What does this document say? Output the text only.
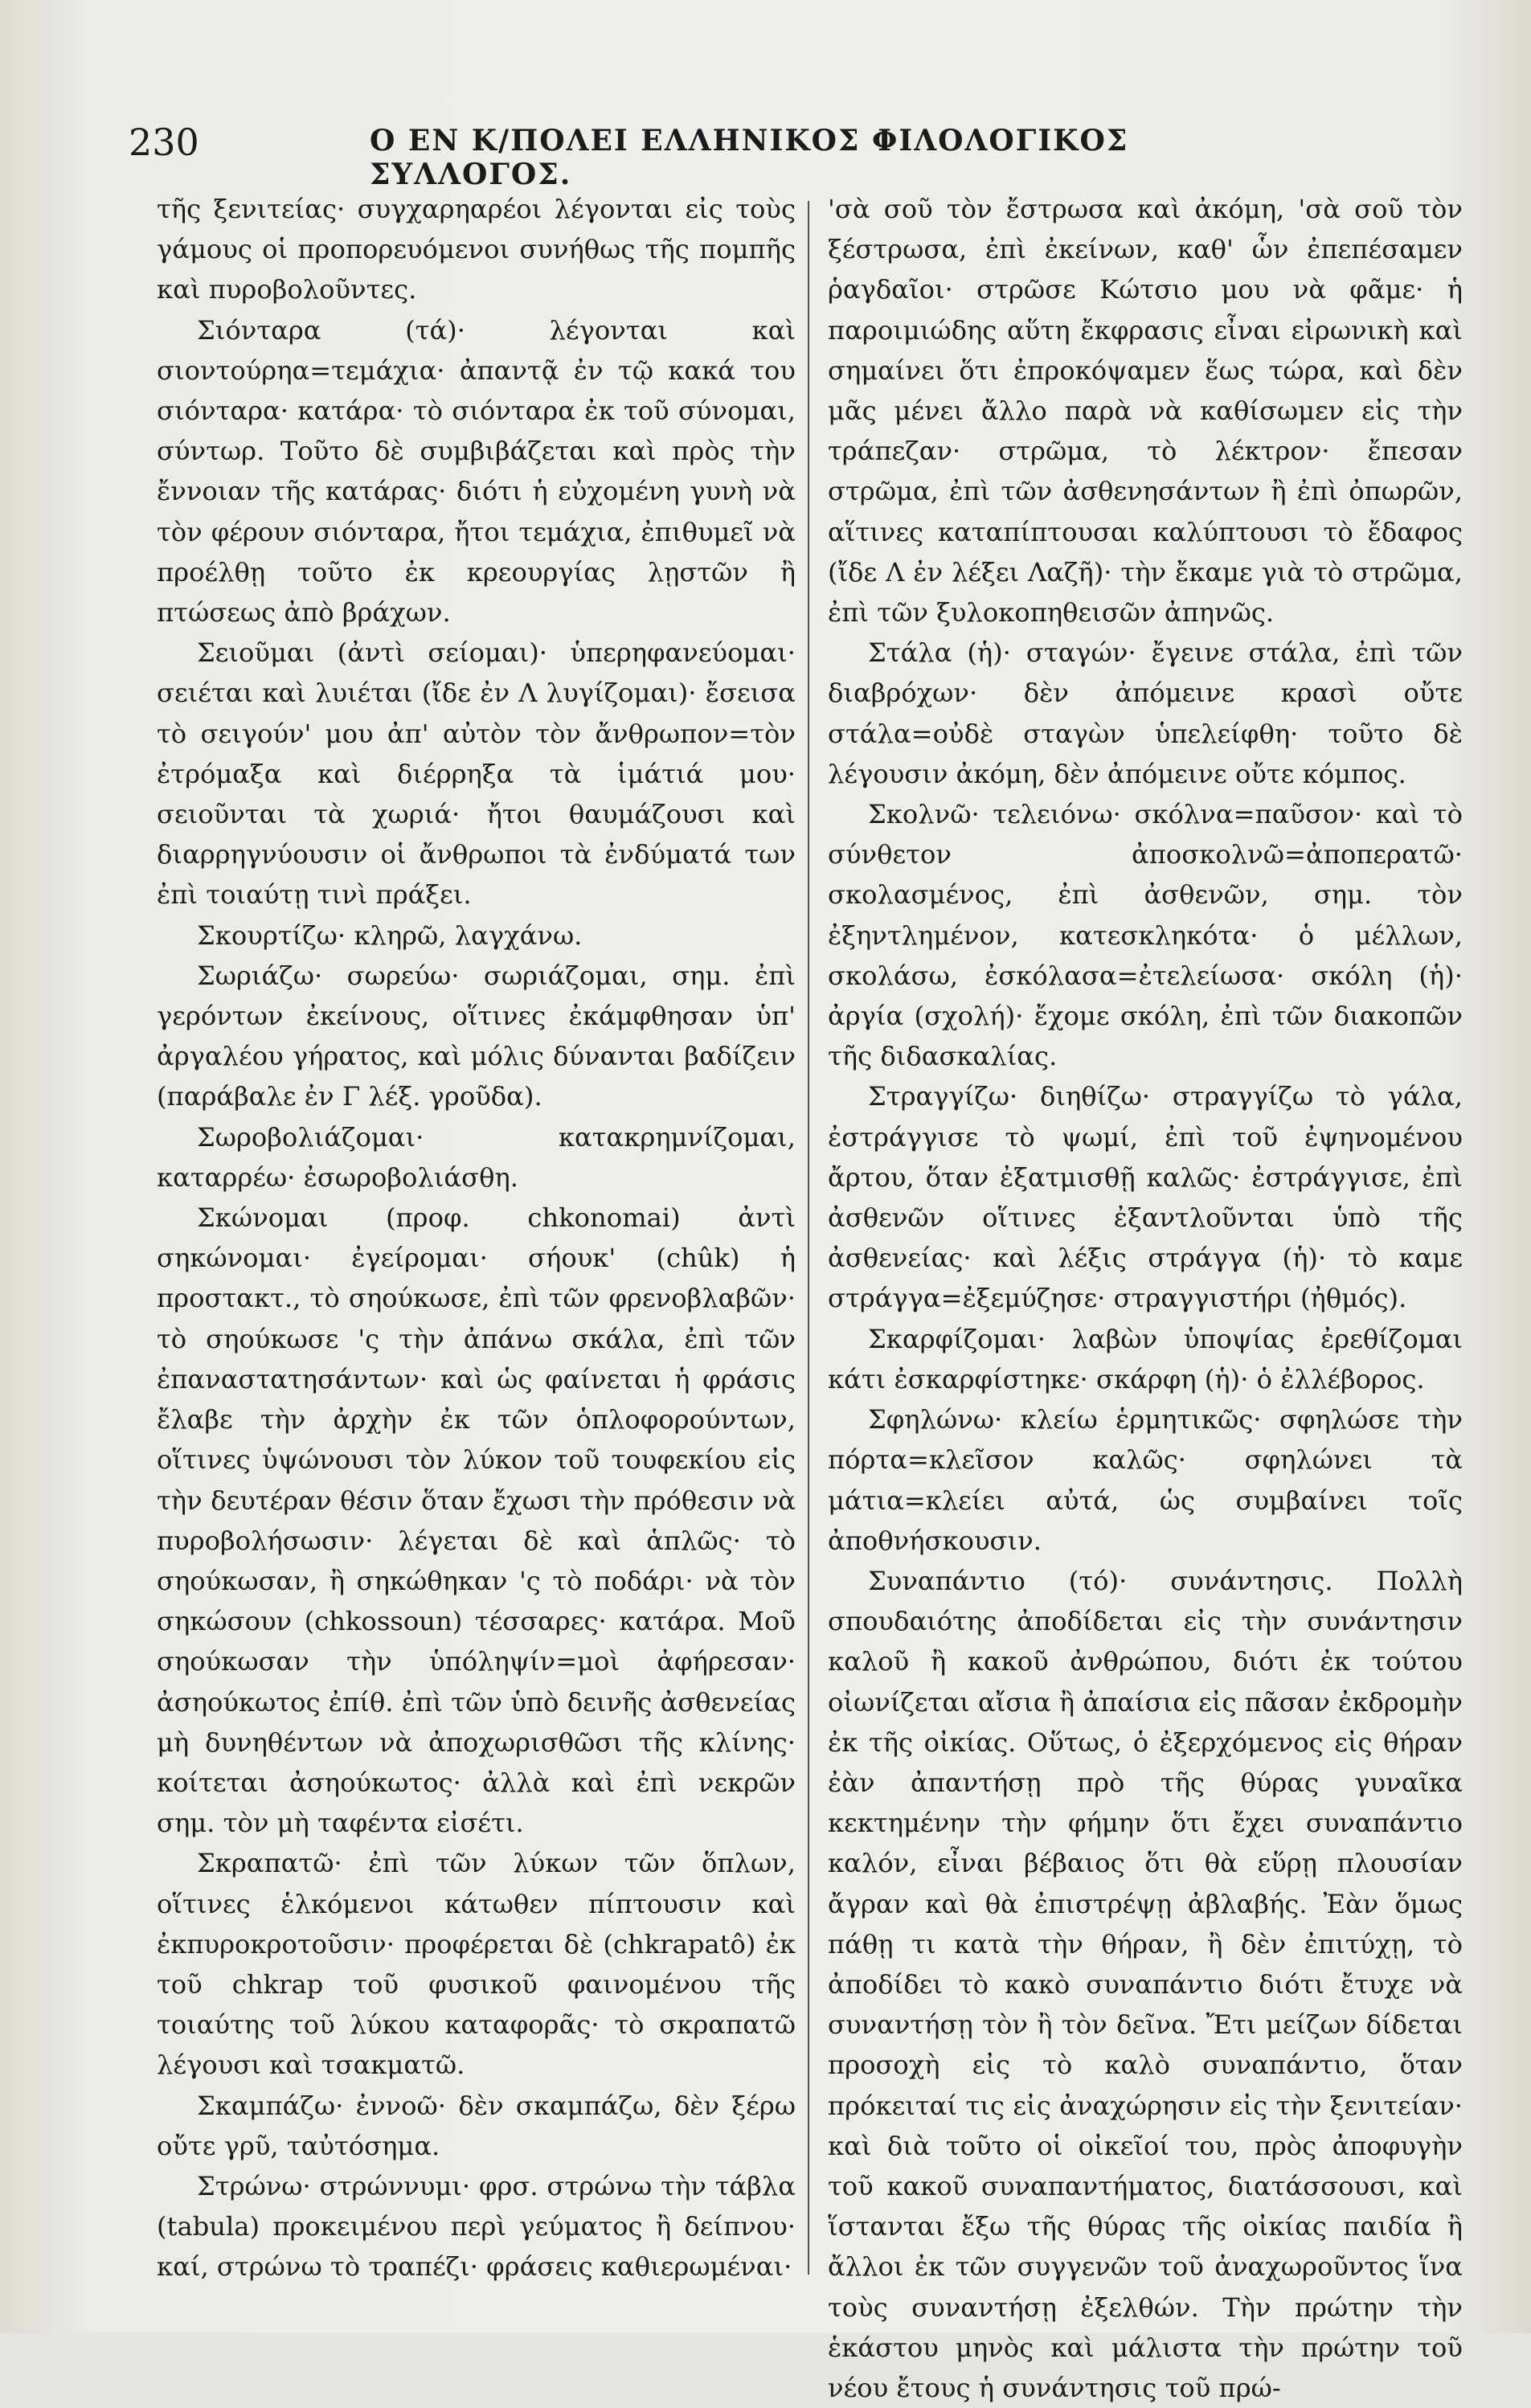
230	Ο ΕΝ Κ/ΠΟΛΕΙ ΕΛΛΗΝΙΚΟΣ ΦΙΛΟΛΟΓΙΚΟΣ ΣΥΛΛΟΓΟΣ.

τῆς ξενιτείας· συγχαρηαρέοι λέγονται εἰς τοὺς γάμους οἱ προπορευόμενοι συνήθως τῆς πομπῆς καὶ πυροβολοῦντες.

Σιόνταρα (τά)· λέγονται καὶ σιοντούρηα=τεμάχια· ἀπαντᾷ ἐν τῷ κακά του σιόνταρα· κατάρα· τὸ σιόνταρα ἐκ τοῦ σύνομαι, σύντωρ. Τοῦτο δὲ συμβιβάζεται καὶ πρὸς τὴν ἔννοιαν τῆς κατάρας· διότι ἡ εὐχομένη γυνὴ νὰ τὸν φέρουν σιόνταρα, ἤτοι τεμάχια, ἐπιθυμεῖ νὰ προέλθῃ τοῦτο ἐκ κρεουργίας λῃστῶν ἢ πτώσεως ἀπὸ βράχων.

Σειοῦμαι (ἀντὶ σείομαι)· ὑπερηφανεύομαι· σειέται καὶ λυιέται (ἴδε ἐν Λ λυγίζομαι)· ἔσεισα τὸ σειγούν' μου ἀπ' αὐτὸν τὸν ἄνθρωπον=τὸν ἐτρόμαξα καὶ διέρρηξα τὰ ἱμάτιά μου· σειοῦνται τὰ χωριά· ἤτοι θαυμάζουσι καὶ διαρρηγνύουσιν οἱ ἄνθρωποι τὰ ἐνδύματά των ἐπὶ τοιαύτῃ τινὶ πράξει.

Σκουρτίζω· κληρῶ, λαγχάνω.

Σωριάζω· σωρεύω· σωριάζομαι, σημ. ἐπὶ γερόντων ἐκείνους, οἵτινες ἐκάμφθησαν ὑπ' ἀργαλέου γήρατος, καὶ μόλις δύνανται βαδίζειν (παράβαλε ἐν Γ λέξ. γροῦδα).

Σωροβολιάζομαι· κατακρημνίζομαι, καταρρέω· ἐσωροβολιάσθη.

Σκώνομαι (προφ. chkonomai) ἀντὶ σηκώνομαι· ἐγείρομαι· σήουκ' (chûk) ἡ προστακτ., τὸ σηούκωσε, ἐπὶ τῶν φρενοβλαβῶν· τὸ σηούκωσε 'ς τὴν ἀπάνω σκάλα, ἐπὶ τῶν ἐπαναστατησάντων· καὶ ὡς φαίνεται ἡ φράσις ἔλαβε τὴν ἀρχὴν ἐκ τῶν ὁπλοφορούντων, οἵτινες ὑψώνουσι τὸν λύκον τοῦ τουφεκίου εἰς τὴν δευτέραν θέσιν ὅταν ἔχωσι τὴν πρόθεσιν νὰ πυροβολήσωσιν· λέγεται δὲ καὶ ἁπλῶς· τὸ σηούκωσαν, ἢ σηκώθηκαν 'ς τὸ ποδάρι· νὰ τὸν σηκώσουν (chkossoun) τέσσαρες· κατάρα. Μοῦ σηούκωσαν τὴν ὑπόληψίν=μοὶ ἀφήρεσαν· ἀσηούκωτος ἐπίθ. ἐπὶ τῶν ὑπὸ δεινῆς ἀσθενείας μὴ δυνηθέντων νὰ ἀποχωρισθῶσι τῆς κλίνης· κοίτεται ἀσηούκωτος· ἀλλὰ καὶ ἐπὶ νεκρῶν σημ. τὸν μὴ ταφέντα εἰσέτι.

Σκραπατῶ· ἐπὶ τῶν λύκων τῶν ὅπλων, οἵτινες ἑλκόμενοι κάτωθεν πίπτουσιν καὶ ἐκπυροκροτοῦσιν· προφέρεται δὲ (chkrapatô) ἐκ τοῦ chkrap τοῦ φυσικοῦ φαινομένου τῆς τοιαύτης τοῦ λύκου καταφορᾶς· τὸ σκραπατῶ λέγουσι καὶ τσακματῶ.

Σκαμπάζω· ἐννοῶ· δὲν σκαμπάζω, δὲν ξέρω οὔτε γρῦ, ταὐτόσημα.

Στρώνω· στρώννυμι· φρσ. στρώνω τὴν τάβλα (tabula) προκειμένου περὶ γεύματος ἢ δείπνου· καί, στρώνω τὸ τραπέζι· φράσεις καθιερωμέναι·

'σὰ σοῦ τὸν ἔστρωσα καὶ ἀκόμη, 'σὰ σοῦ τὸν ξέστρωσα, ἐπὶ ἐκείνων, καθ' ὧν ἐπεπέσαμεν ῥαγδαῖοι· στρῶσε Κώτσιο μου νὰ φᾶμε· ἡ παροιμιώδης αὕτη ἔκφρασις εἶναι εἰρωνικὴ καὶ σημαίνει ὅτι ἐπροκόψαμεν ἕως τώρα, καὶ δὲν μᾶς μένει ἄλλο παρὰ νὰ καθίσωμεν εἰς τὴν τράπεζαν· στρῶμα, τὸ λέκτρον· ἔπεσαν στρῶμα, ἐπὶ τῶν ἀσθενησάντων ἢ ἐπὶ ὀπωρῶν, αἵτινες καταπίπτουσαι καλύπτουσι τὸ ἔδαφος (ἴδε Λ ἐν λέξει Λαζῆ)· τὴν ἔκαμε γιὰ τὸ στρῶμα, ἐπὶ τῶν ξυλοκοπηθεισῶν ἀπηνῶς.

Στάλα (ἡ)· σταγών· ἔγεινε στάλα, ἐπὶ τῶν διαβρόχων· δὲν ἀπόμεινε κρασὶ οὔτε στάλα=οὐδὲ σταγὼν ὑπελείφθη· τοῦτο δὲ λέγουσιν ἀκόμη, δὲν ἀπόμεινε οὔτε κόμπος.

Σκολνῶ· τελειόνω· σκόλνα=παῦσον· καὶ τὸ σύνθετον ἀποσκολνῶ=ἀποπερατῶ· σκολασμένος, ἐπὶ ἀσθενῶν, σημ. τὸν ἐξηντλημένον, κατεσκληκότα· ὁ μέλλων, σκολάσω, ἐσκόλασα=ἐτελείωσα· σκόλη (ἡ)· ἀργία (σχολή)· ἔχομε σκόλη, ἐπὶ τῶν διακοπῶν τῆς διδασκαλίας.

Στραγγίζω· διηθίζω· στραγγίζω τὸ γάλα, ἐστράγγισε τὸ ψωμί, ἐπὶ τοῦ ἐψηνομένου ἄρτου, ὅταν ἐξατμισθῇ καλῶς· ἐστράγγισε, ἐπὶ ἀσθενῶν οἵτινες ἐξαντλοῦνται ὑπὸ τῆς ἀσθενείας· καὶ λέξις στράγγα (ἡ)· τὸ καμε στράγγα=ἐξεμύζησε· στραγγιστήρι (ἠθμός).

Σκαρφίζομαι· λαβὼν ὑποψίας ἐρεθίζομαι κάτι ἐσκαρφίστηκε· σκάρφη (ἡ)· ὁ ἐλλέβορος.

Σφηλώνω· κλείω ἑρμητικῶς· σφηλώσε τὴν πόρτα=κλεῖσον καλῶς· σφηλώνει τὰ μάτια=κλείει αὐτά, ὡς συμβαίνει τοῖς ἀποθνήσκουσιν.

Συναπάντιο (τό)· συνάντησις. Πολλὴ σπουδαιότης ἀποδίδεται εἰς τὴν συνάντησιν καλοῦ ἢ κακοῦ ἀνθρώπου, διότι ἐκ τούτου οἰωνίζεται αἴσια ἢ ἀπαίσια εἰς πᾶσαν ἐκδρομὴν ἐκ τῆς οἰκίας. Οὕτως, ὁ ἐξερχόμενος εἰς θήραν ἐὰν ἀπαντήσῃ πρὸ τῆς θύρας γυναῖκα κεκτημένην τὴν φήμην ὅτι ἔχει συναπάντιο καλόν, εἶναι βέβαιος ὅτι θὰ εὕρῃ πλουσίαν ἄγραν καὶ θὰ ἐπιστρέψῃ ἀβλαβής. Ἐὰν ὅμως πάθῃ τι κατὰ τὴν θήραν, ἢ δὲν ἐπιτύχῃ, τὸ ἀποδίδει τὸ κακὸ συναπάντιο διότι ἔτυχε νὰ συναντήσῃ τὸν ἢ τὸν δεῖνα. Ἔτι μείζων δίδεται προσοχὴ εἰς τὸ καλὸ συναπάντιο, ὅταν πρόκειταί τις εἰς ἀναχώρησιν εἰς τὴν ξενιτείαν· καὶ διὰ τοῦτο οἱ οἰκεῖοί του, πρὸς ἀποφυγὴν τοῦ κακοῦ συναπαντήματος, διατάσσουσι, καὶ ἵστανται ἔξω τῆς θύρας τῆς οἰκίας παιδία ἢ ἄλλοι ἐκ τῶν συγγενῶν τοῦ ἀναχωροῦντος ἵνα τοὺς συναντήσῃ ἐξελθών. Τὴν πρώτην τὴν ἑκάστου μηνὸς καὶ μάλιστα τὴν πρώτην τοῦ νέου ἔτους ἡ συνάντησις τοῦ πρώ-
